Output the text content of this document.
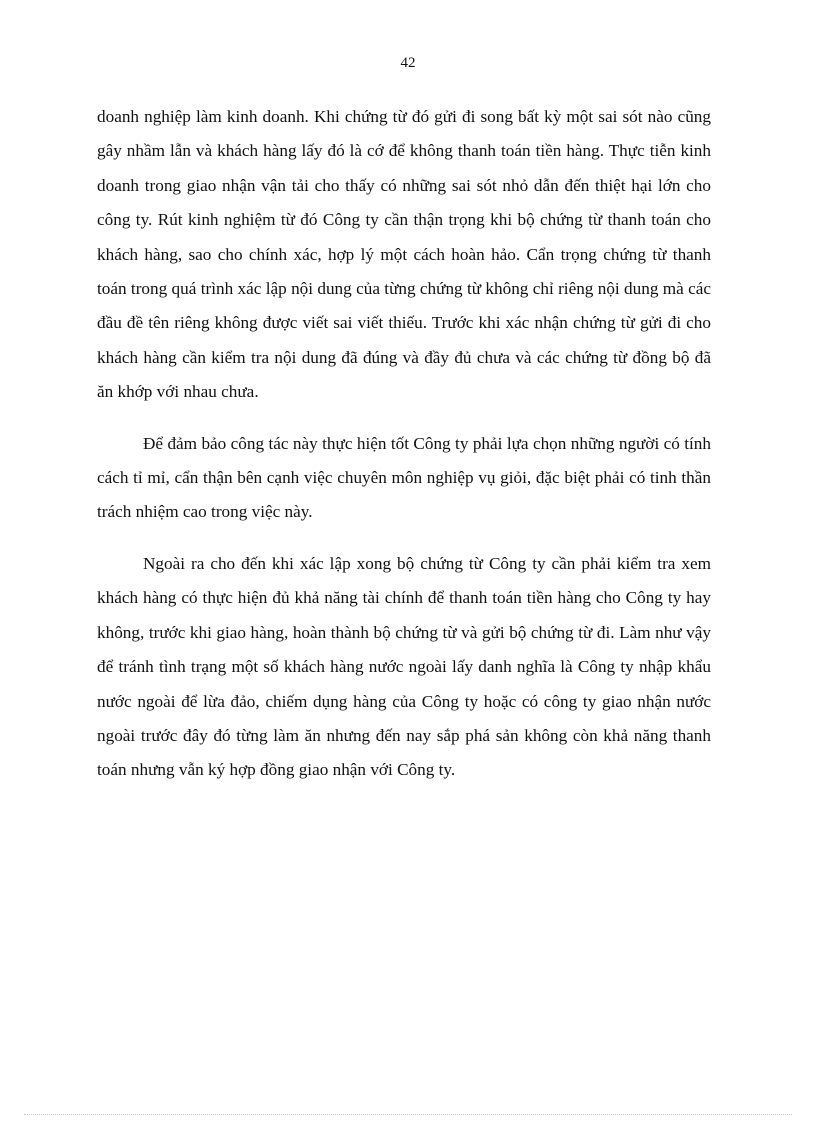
42

doanh nghiệp làm kinh doanh. Khi chứng từ đó gửi đi song bất kỳ một sai sót nào cũng gây nhầm lẫn và khách hàng lấy đó là cớ để không thanh toán tiền hàng. Thực tiễn kinh doanh trong giao nhận vận tải cho thấy có những sai sót nhỏ dẫn đến thiệt hại lớn cho công ty. Rút kinh nghiệm từ đó Công ty cần thận trọng khi bộ chứng từ thanh toán cho khách hàng, sao cho chính xác, hợp lý một cách hoàn hảo. Cẩn trọng chứng từ thanh toán trong quá trình xác lập nội dung của từng chứng từ không chỉ riêng nội dung mà các đầu đề tên riêng không được viết sai viết thiếu. Trước khi xác nhận chứng từ gửi đi cho khách hàng cần kiểm tra nội dung đã đúng và đầy đủ chưa và các chứng từ đồng bộ đã ăn khớp với nhau chưa.

Để đảm bảo công tác này thực hiện tốt Công ty phải lựa chọn những người có tính cách tỉ mỉ, cẩn thận bên cạnh việc chuyên môn nghiệp vụ giỏi, đặc biệt phải có tinh thần trách nhiệm cao trong việc này.

Ngoài ra cho đến khi xác lập xong bộ chứng từ Công ty cần phải kiểm tra xem khách hàng có thực hiện đủ khả năng tài chính để thanh toán tiền hàng cho Công ty hay không, trước khi giao hàng, hoàn thành bộ chứng từ và gửi bộ chứng từ đi. Làm như vậy để tránh tình trạng một số khách hàng nước ngoài lấy danh nghĩa là Công ty nhập khẩu nước ngoài để lừa đảo, chiếm dụng hàng của Công ty hoặc có công ty giao nhận nước ngoài trước đây đó từng làm ăn nhưng đến nay sắp phá sản không còn khả năng thanh toán nhưng vẫn ký hợp đồng giao nhận với Công ty.
